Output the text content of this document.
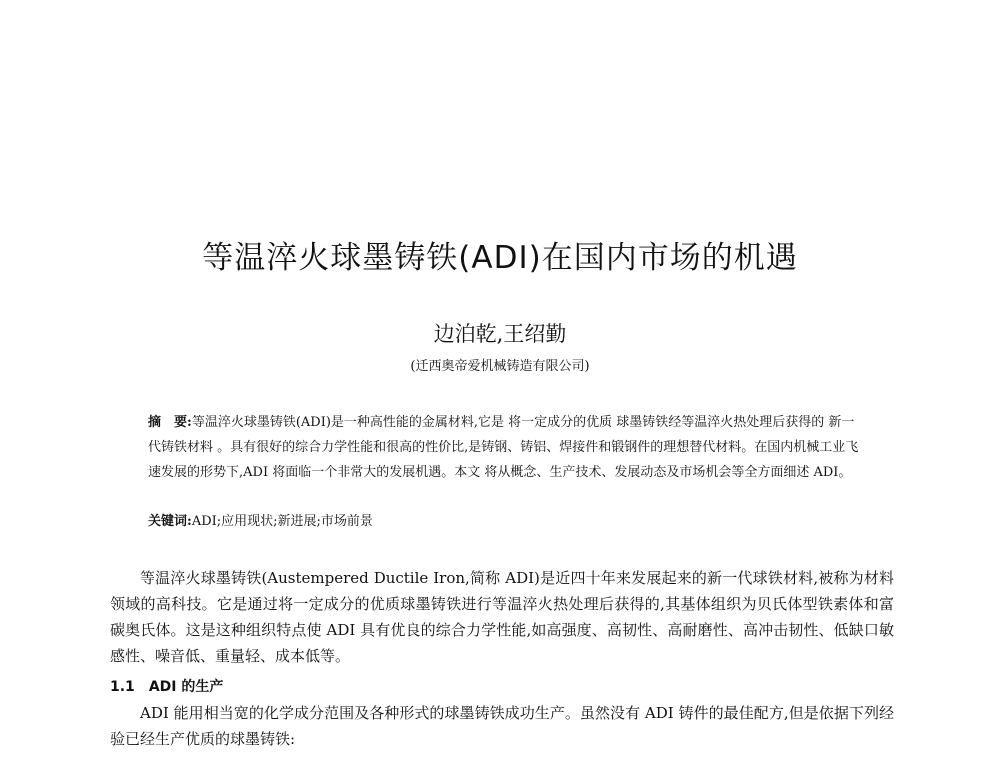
等温淬火球墨铸铁(ADI)在国内市场的机遇
边泊乾,王绍勤
(迁西奥帝爱机械铸造有限公司)
摘　要:等温淬火球墨铸铁(ADI)是一种高性能的金属材料,它是 将一定成分的优质 球墨铸铁经等温淬火热处理后获得的 新一代铸铁材料 。具有很好的综合力学性能和很高的性价比,是铸钢、铸铝、焊接件和锻钢件的理想替代材料。在国内机械工业飞速发展的形势下,ADI 将面临一个非常大的发展机遇。本文 将从概念、生产技术、发展动态及市场机会等全方面细述 ADI。
关键词:ADI;应用现状;新进展;市场前景

等温淬火球墨铸铁(Austempered Ductile Iron,简称 ADI)是近四十年来发展起来的新一代球铁材料,被称为材料领域的高科技。它是通过将一定成分的优质球墨铸铁进行等温淬火热处理后获得的,其基体组织为贝氏体型铁素体和富碳奥氏体。这是这种组织特点使 ADI 具有优良的综合力学性能,如高强度、高韧性、高耐磨性、高冲击韧性、低缺口敏感性、噪音低、重量轻、成本低等。

1.1 ADI 的生产

ADI 能用相当宽的化学成分范围及各种形式的球墨铸铁成功生产。虽然没有 ADI 铸件的最佳配方,但是依据下列经验已经生产优质的球墨铸铁:
